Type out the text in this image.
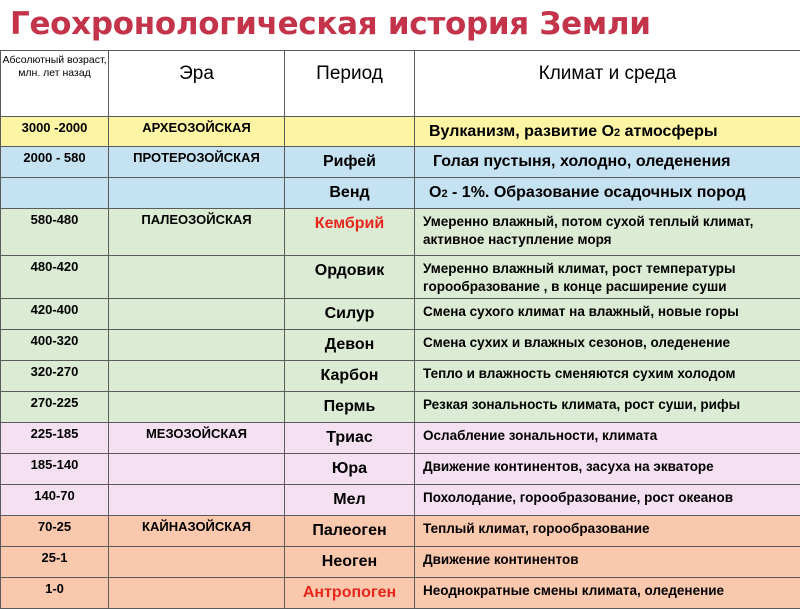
Геохронологическая история Земли
Абсолютный возраст, млн. лет назад	Эра	Период	Климат и среда

3000 -2000	АРХЕОЗОЙСКАЯ		Вулканизм, развитие О2 атмосферы

2000 - 580	ПРОТЕРОЗОЙСКАЯ	Рифей	Голая пустыня, холодно, оледенения

		Венд	О2 - 1%. Образование осадочных пород

580-480	ПАЛЕОЗОЙСКАЯ	Кембрий	Умеренно влажный, потом сухой теплый климат, активное наступление моря

480-420		Ордовик	Умеренно влажный климат, рост температуры горообразование , в конце расширение суши

420-400		Силур	Смена сухого климат на влажный, новые горы

400-320		Девон	Смена сухих и влажных сезонов, оледенение

320-270		Карбон	Тепло и влажность сменяются сухим холодом

270-225		Пермь	Резкая зональность климата, рост суши, рифы

225-185	МЕЗОЗОЙСКАЯ	Триас	Ослабление зональности, климата

185-140		Юра	Движение континентов, засуха на экваторе

140-70		Мел	Похолодание, горообразование, рост океанов

70-25	КАЙНАЗОЙСКАЯ	Палеоген	Теплый климат, горообразование

25-1		Неоген	Движение континентов

1-0		Антропоген	Неоднократные смены климата, оледенение
